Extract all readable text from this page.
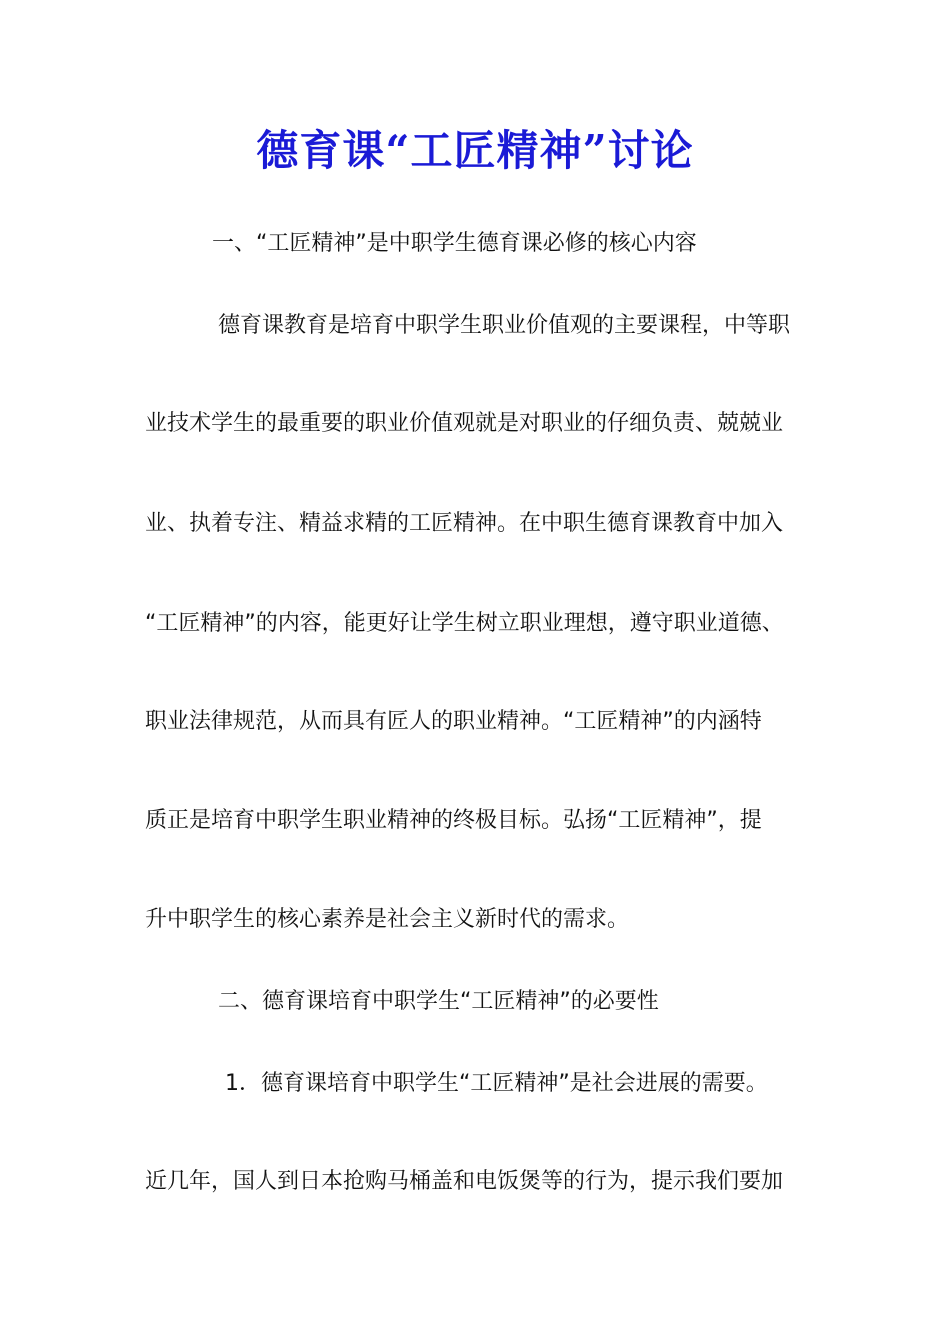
德育课“工匠精神”讨论
一、“工匠精神”是中职学生德育课必修的核心内容
德育课教育是培育中职学生职业价值观的主要课程，中等职
业技术学生的最重要的职业价值观就是对职业的仔细负责、兢兢业
业、执着专注、精益求精的工匠精神。在中职生德育课教育中加入
“工匠精神”的内容，能更好让学生树立职业理想，遵守职业道德、
职业法律规范，从而具有匠人的职业精神。“工匠精神”的内涵特
质正是培育中职学生职业精神的终极目标。弘扬“工匠精神”，提
升中职学生的核心素养是社会主义新时代的需求。
二、德育课培育中职学生“工匠精神”的必要性
1．德育课培育中职学生“工匠精神”是社会进展的需要。
近几年，国人到日本抢购马桶盖和电饭煲等的行为，提示我们要加
